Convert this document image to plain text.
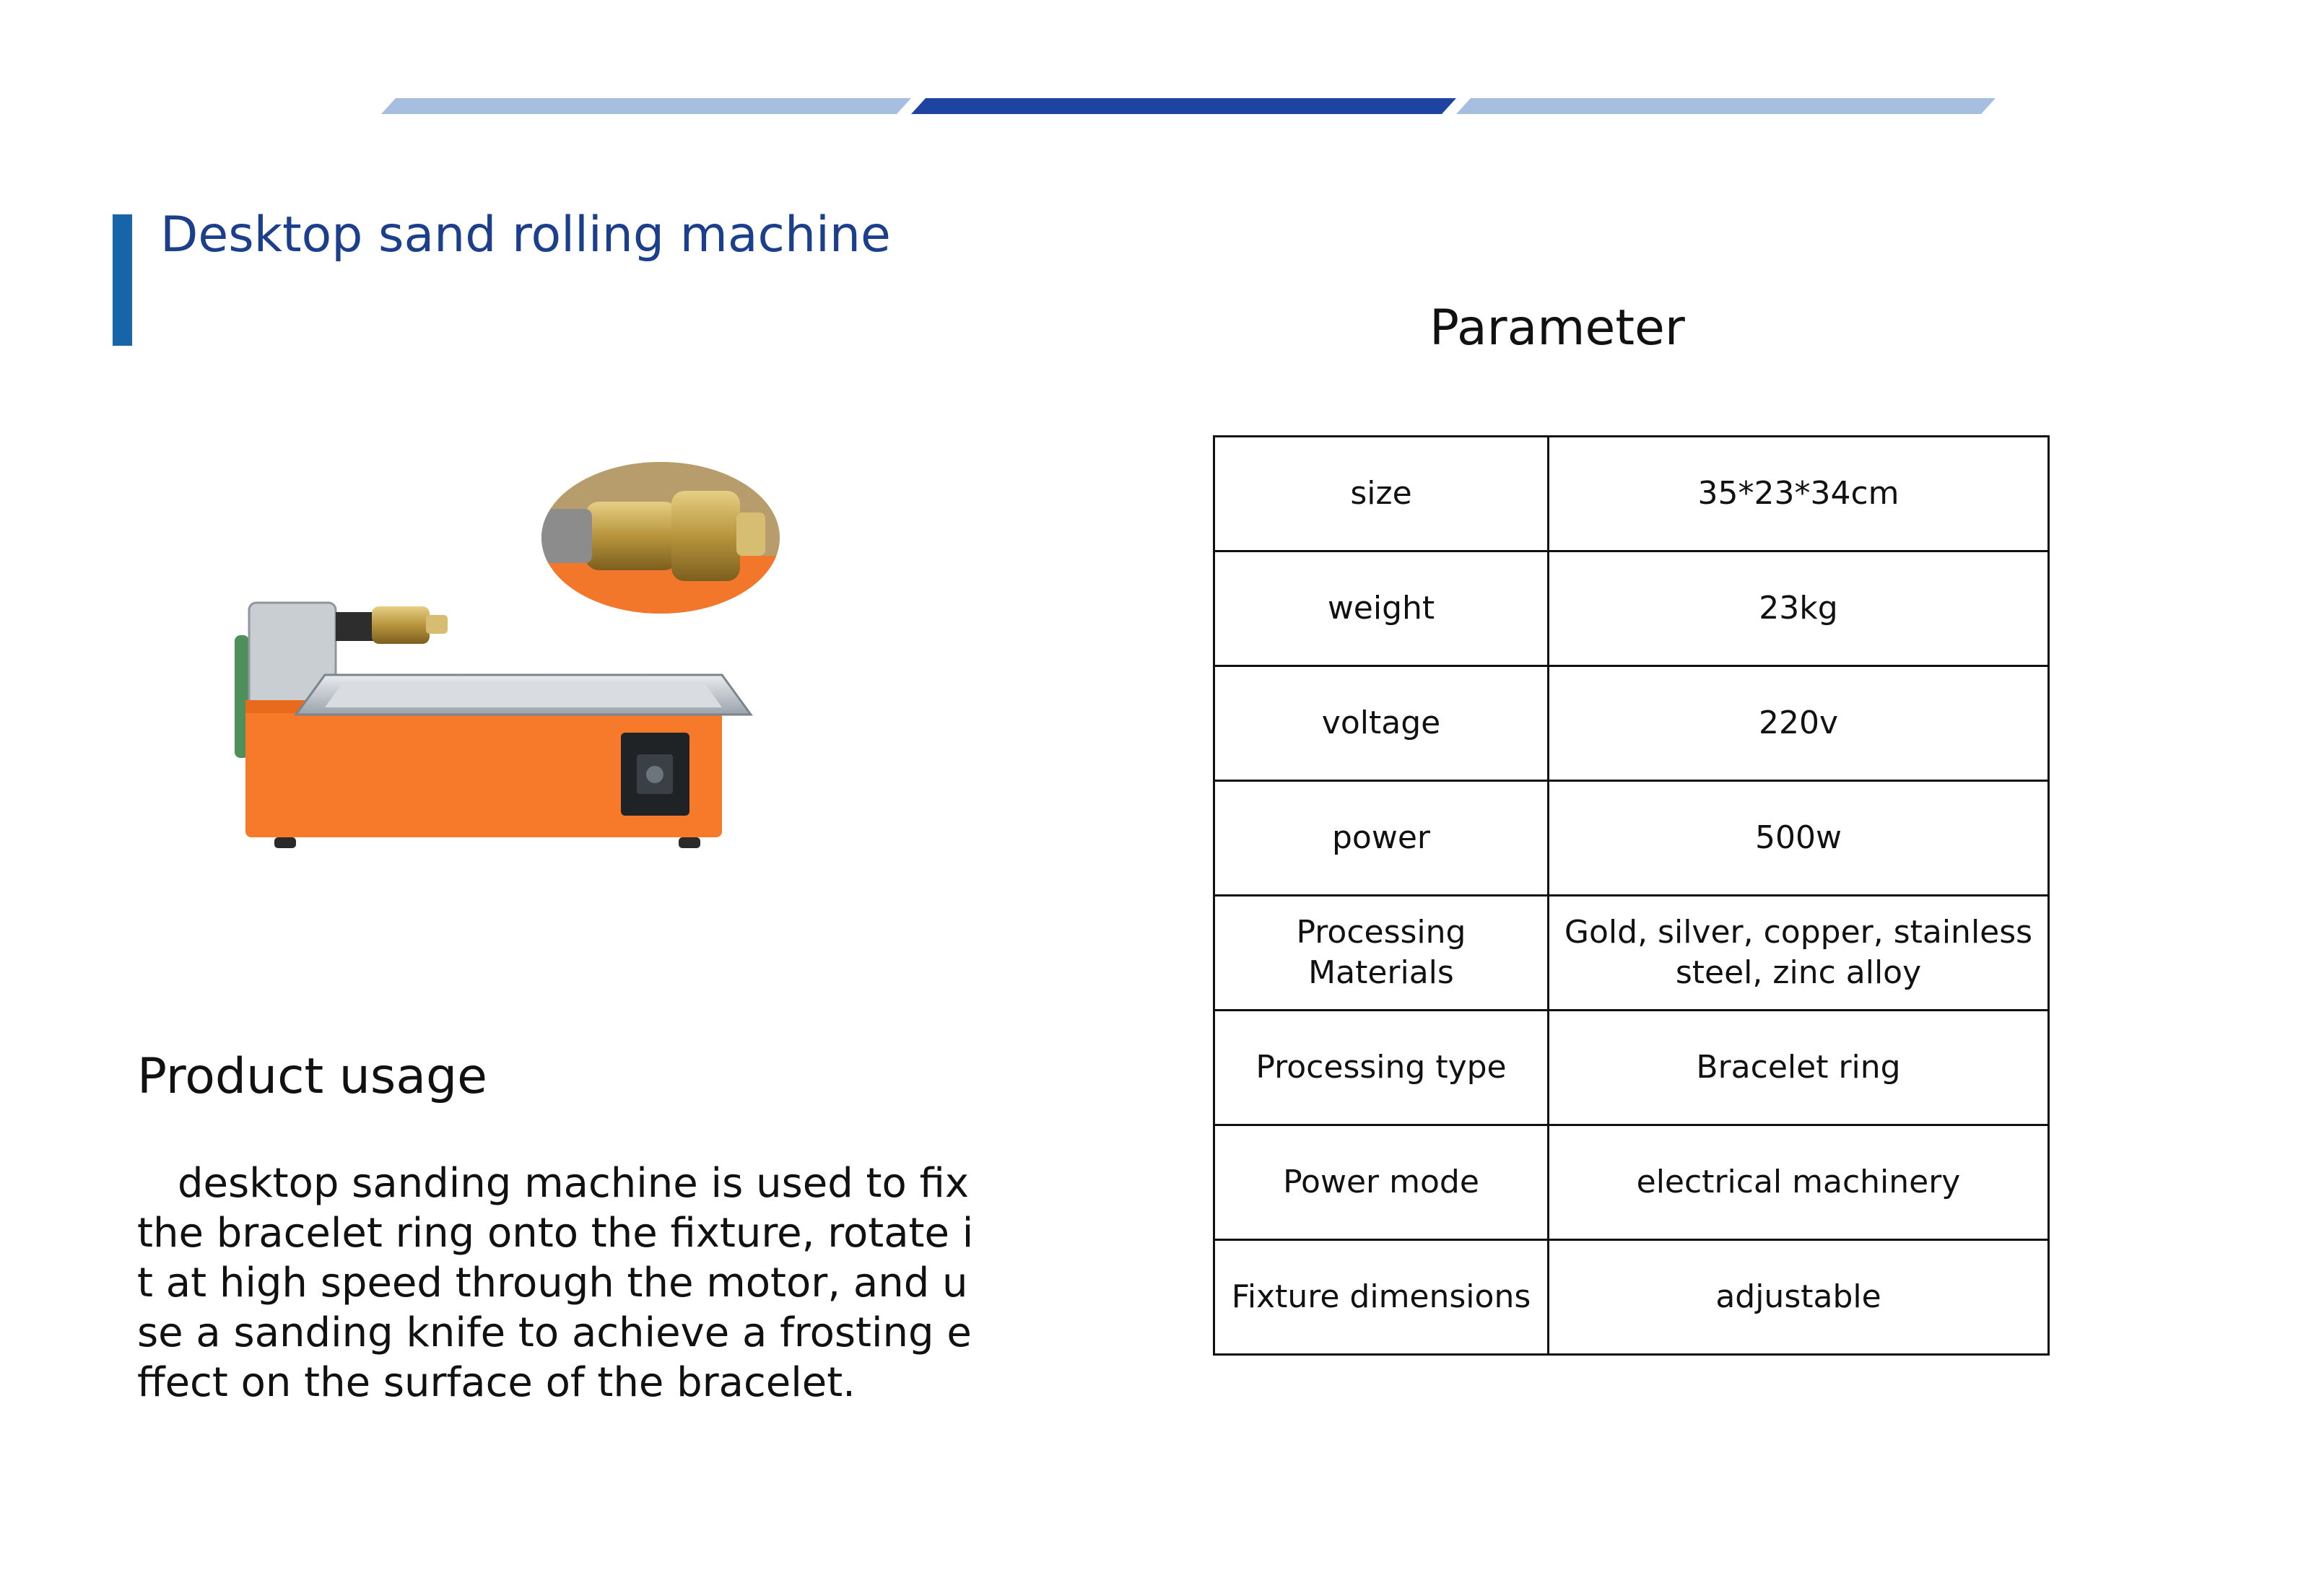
Desktop sand rolling machine
Product usage
desktop sanding machine is used to fix the bracelet ring onto the fixture, rotate it at high speed through the motor, and use a sanding knife to achieve a frosting effect on the surface of the bracelet.
Parameter
size	35*23*34cm
weight	23kg
voltage	220v
power	500w
Processing Materials	Gold, silver, copper, stainless steel, zinc alloy
Processing type	Bracelet ring
Power mode	electrical machinery
Fixture dimensions	adjustable
